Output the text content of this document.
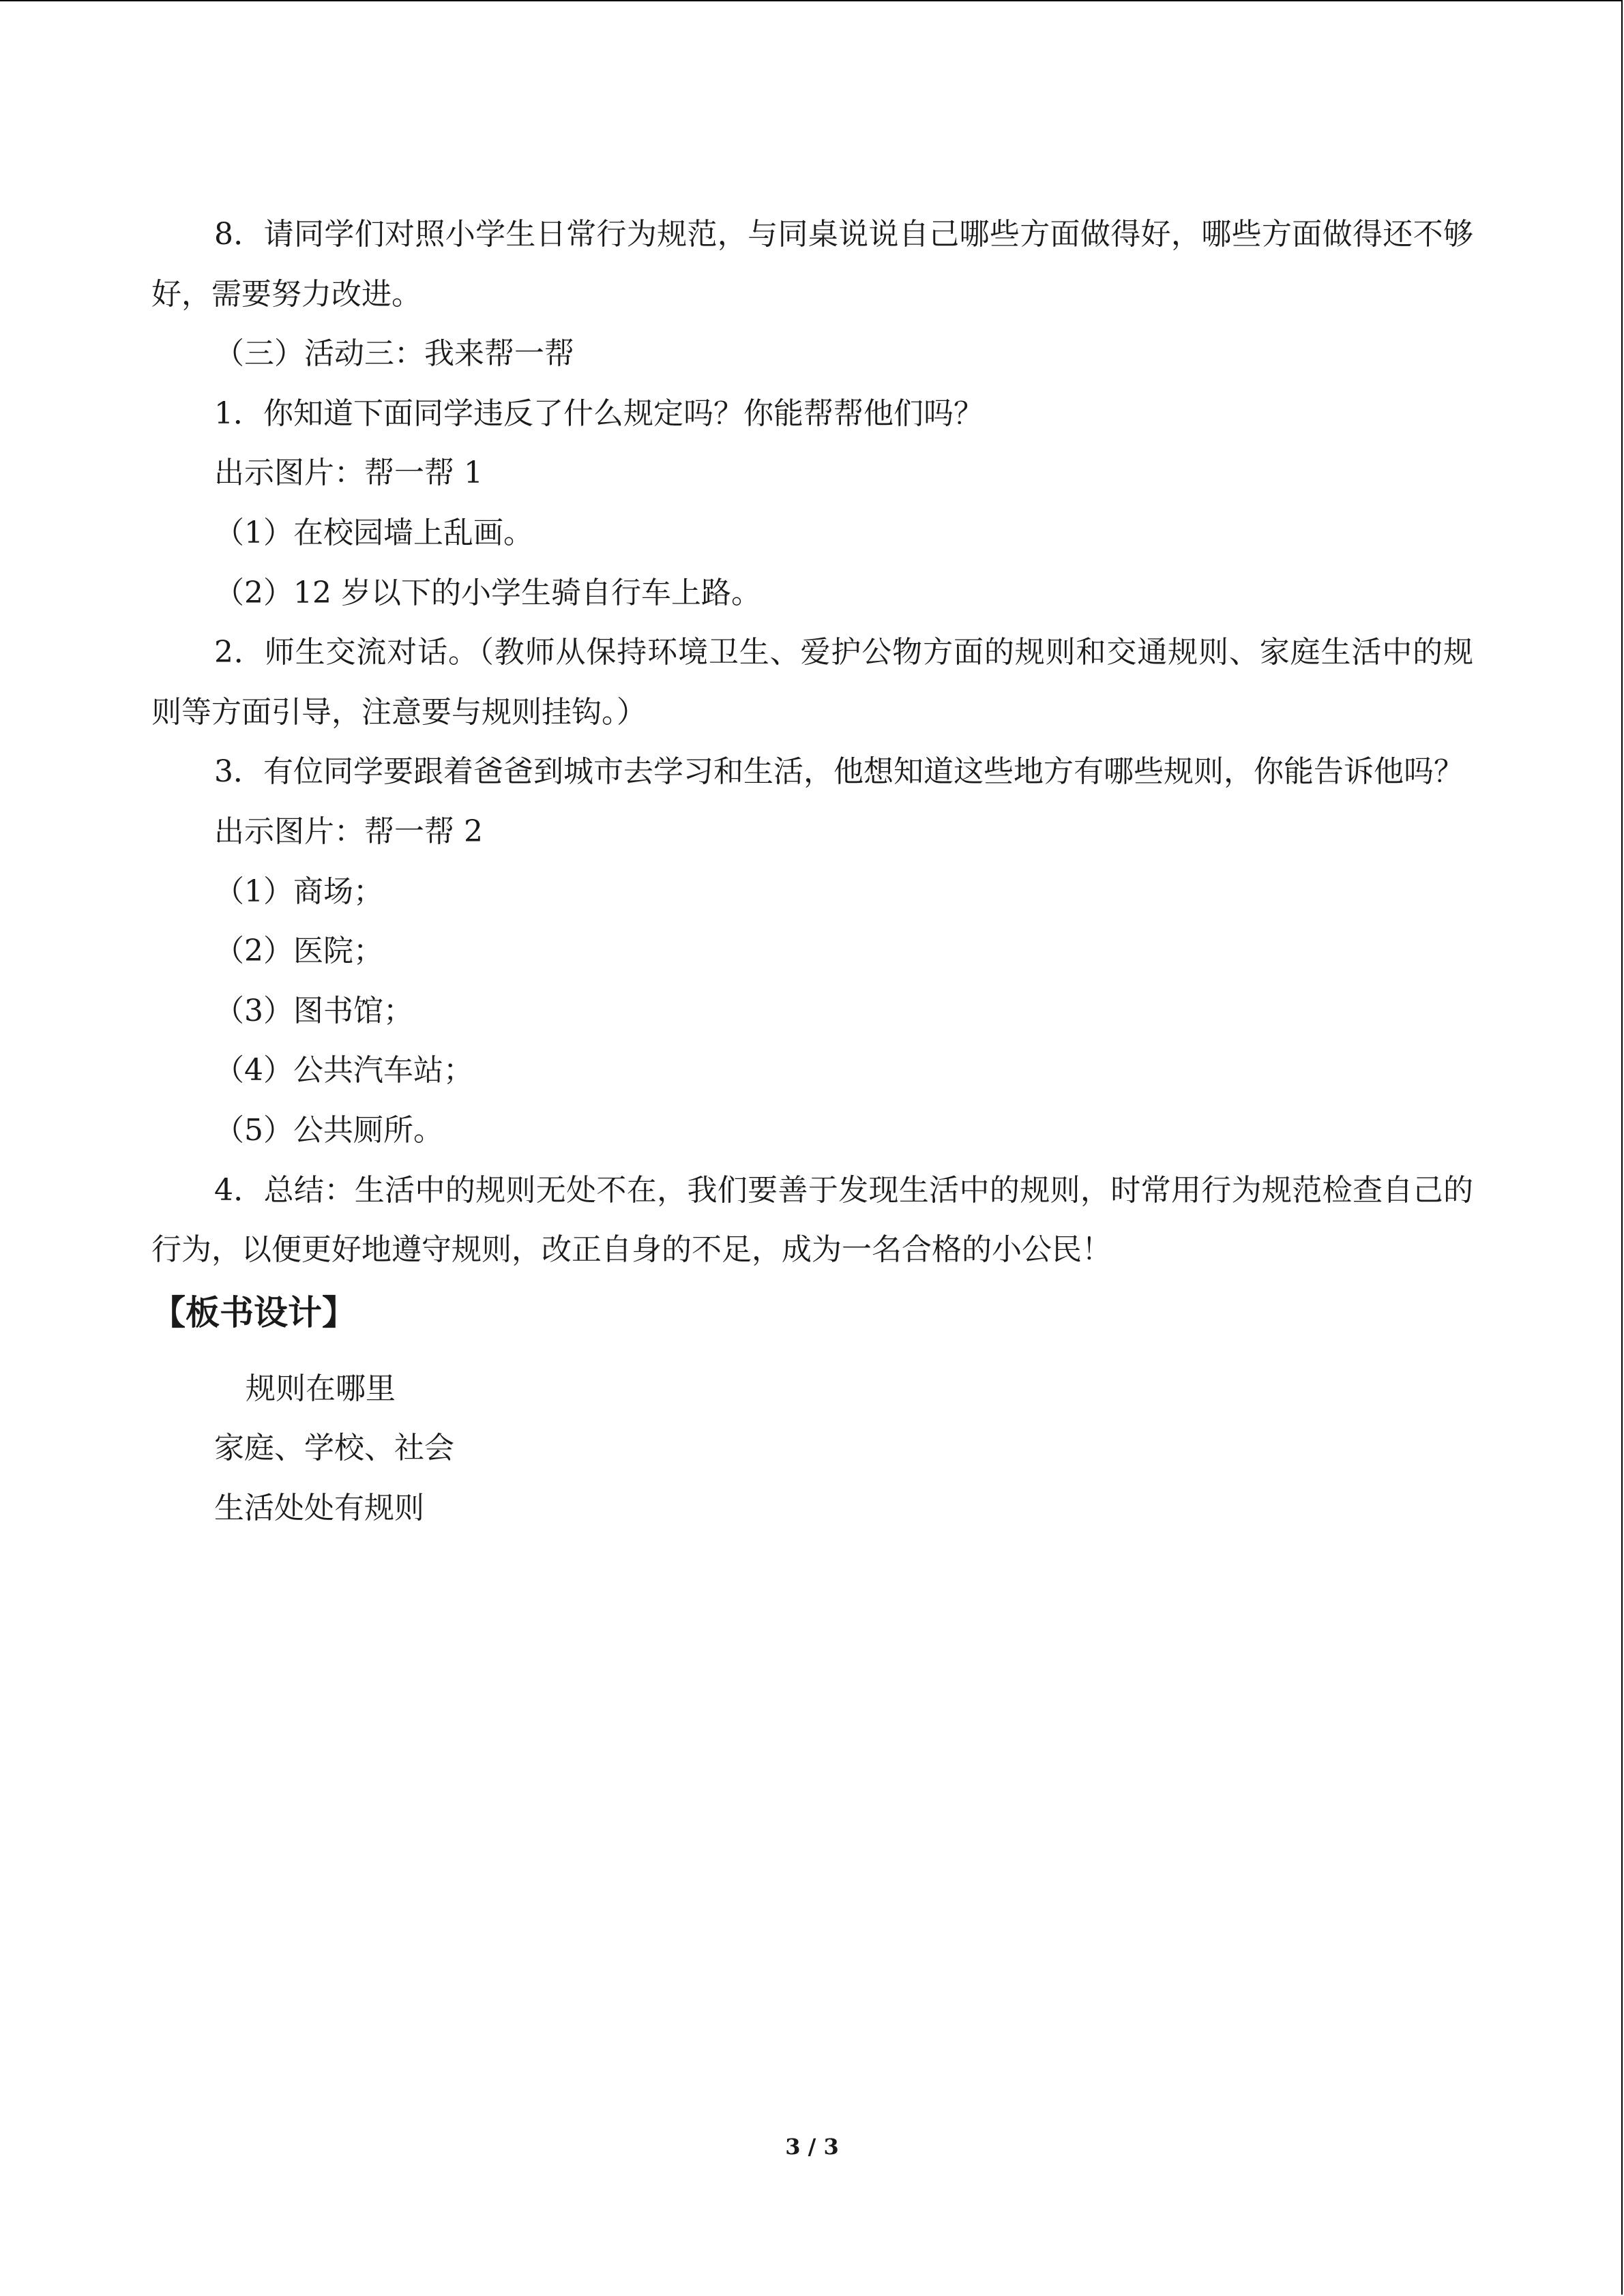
8．请同学们对照小学生日常行为规范，与同桌说说自己哪些方面做得好，哪些方面做得还不够好，需要努力改进。

（三）活动三：我来帮一帮

1．你知道下面同学违反了什么规定吗？你能帮帮他们吗？

出示图片：帮一帮 1

（1）在校园墙上乱画。

（2）12 岁以下的小学生骑自行车上路。

2．师生交流对话。（教师从保持环境卫生、爱护公物方面的规则和交通规则、家庭生活中的规则等方面引导，注意要与规则挂钩。）

3．有位同学要跟着爸爸到城市去学习和生活，他想知道这些地方有哪些规则，你能告诉他吗？

出示图片：帮一帮 2

（1）商场；

（2）医院；

（3）图书馆；

（4）公共汽车站；

（5）公共厕所。

4．总结：生活中的规则无处不在，我们要善于发现生活中的规则，时常用行为规范检查自己的行为，以便更好地遵守规则，改正自身的不足，成为一名合格的小公民！

【板书设计】

规则在哪里

家庭、学校、社会

生活处处有规则

3 / 3
